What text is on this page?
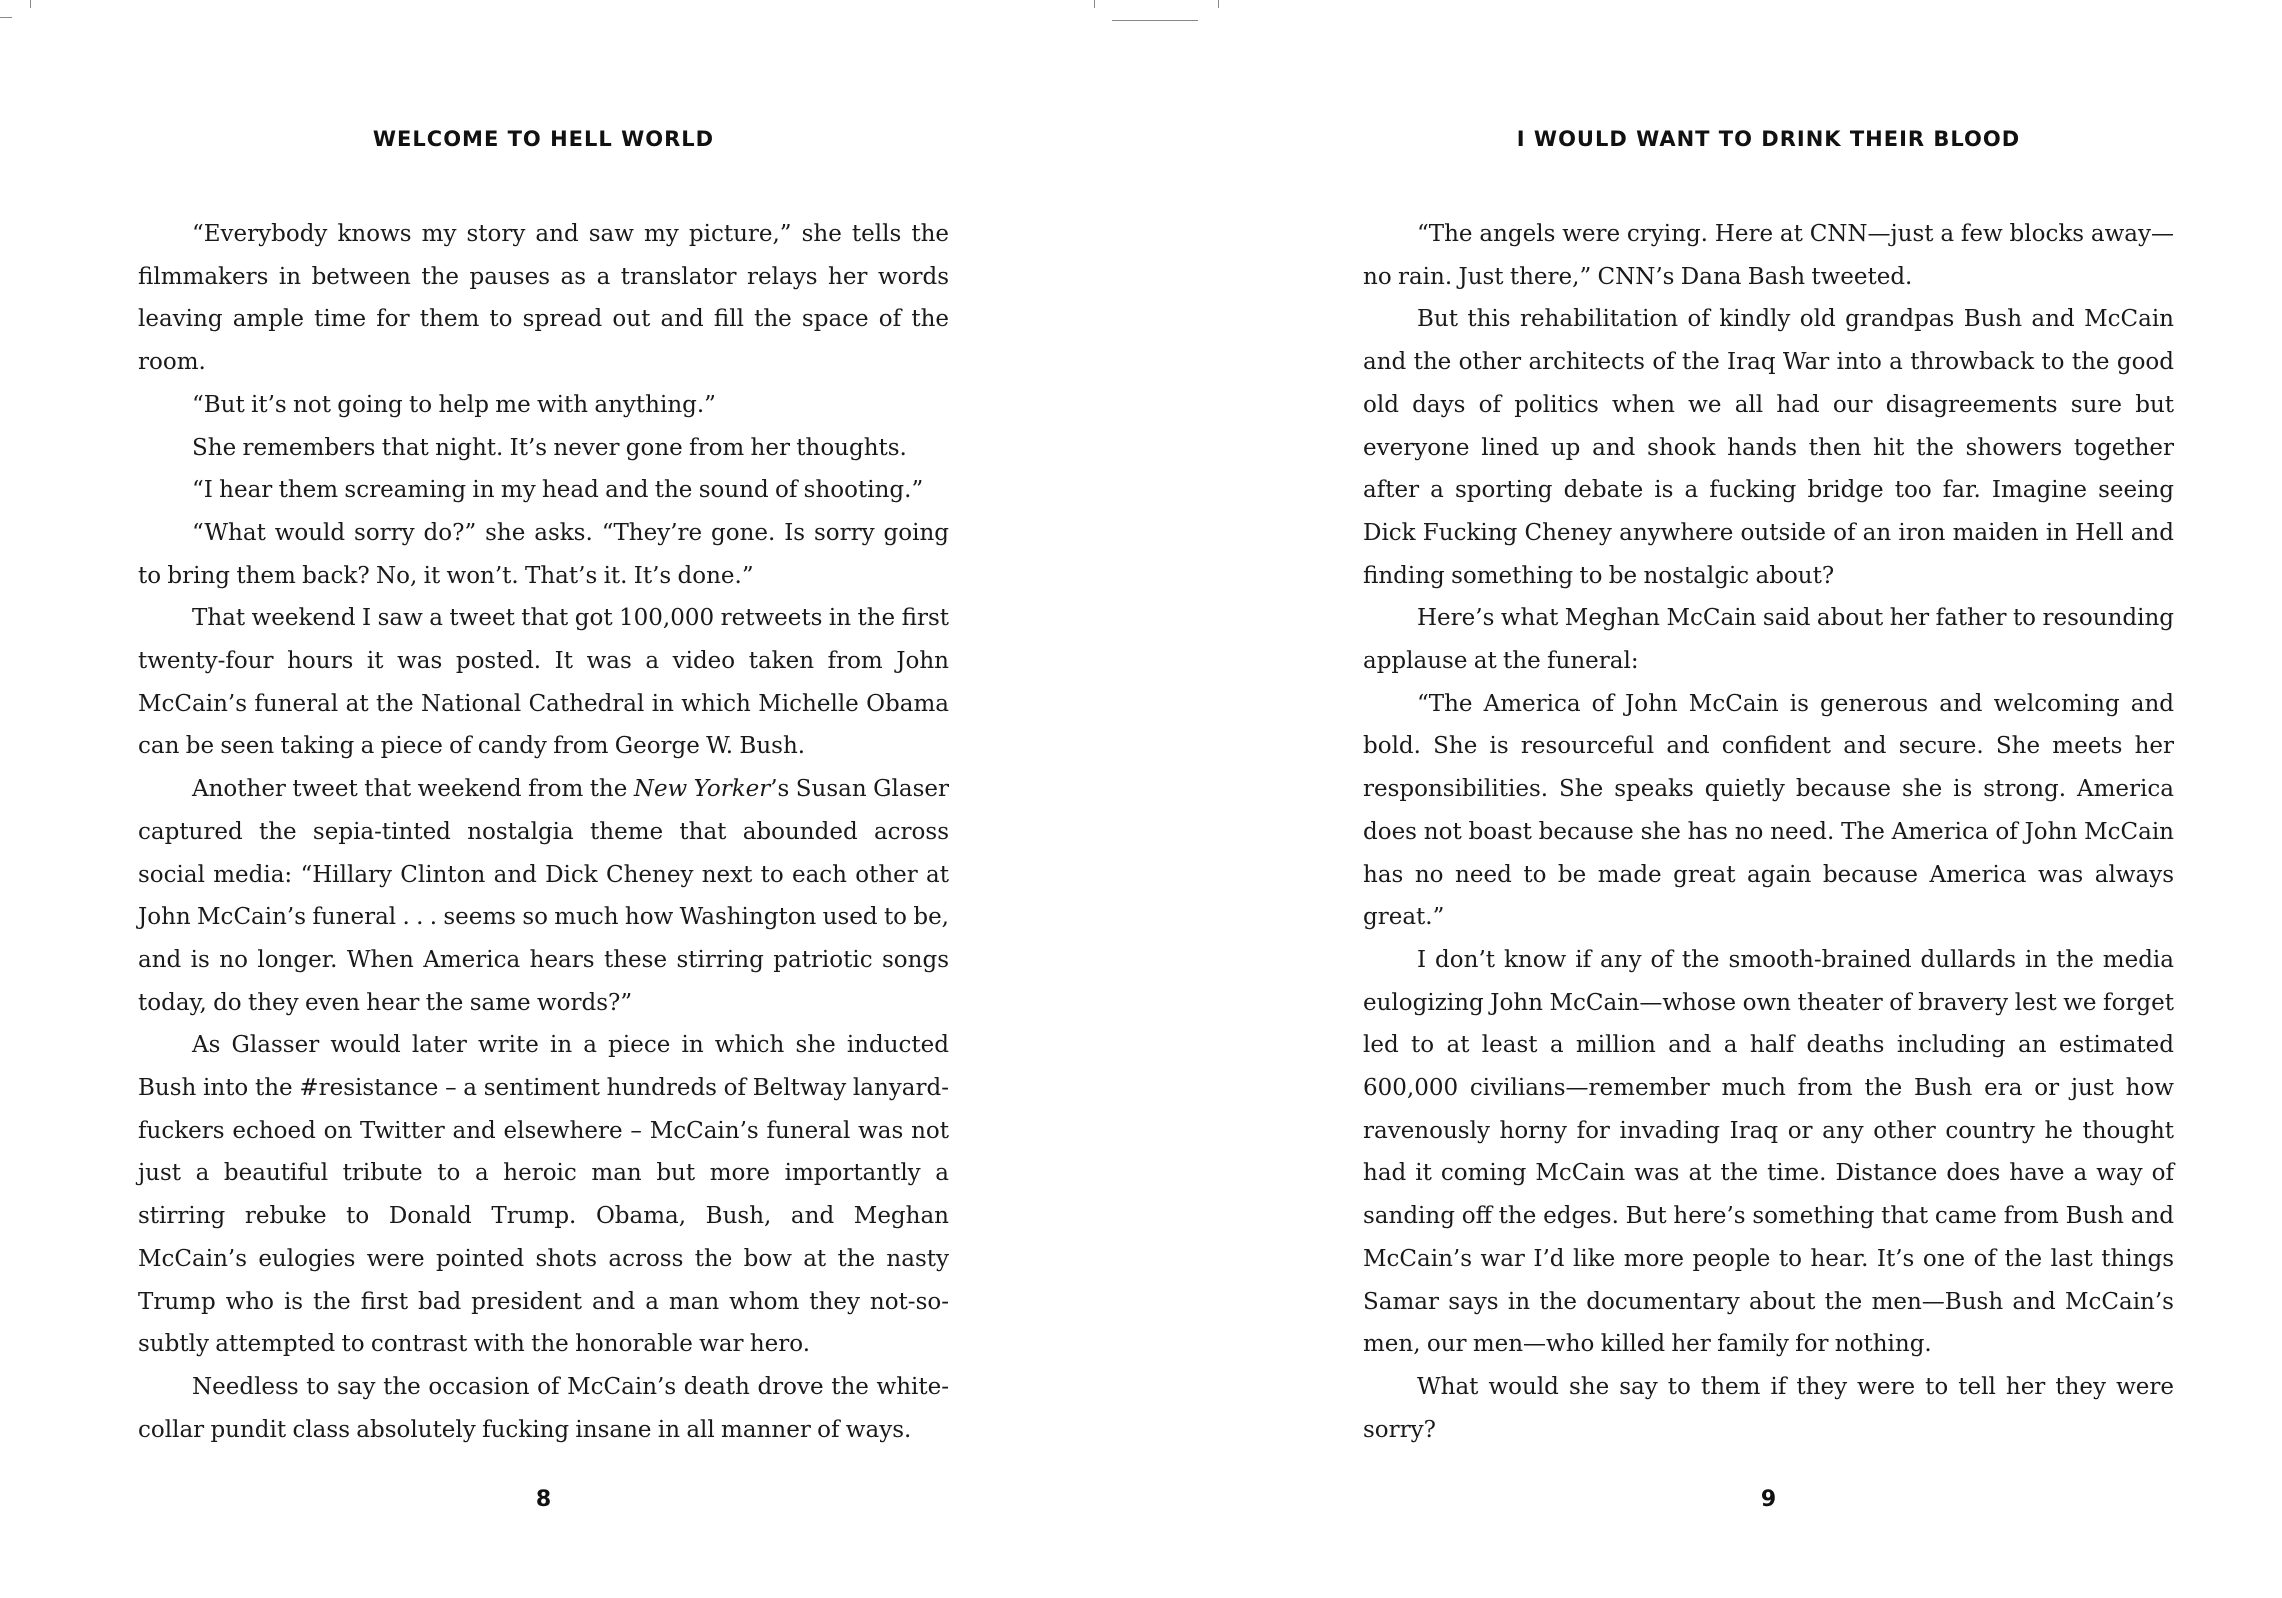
WELCOME TO HELL WORLD

“Everybody knows my story and saw my picture,” she tells the filmmakers in between the pauses as a translator relays her words leaving ample time for them to spread out and fill the space of the room.

“But it’s not going to help me with anything.”

She remembers that night. It’s never gone from her thoughts.

“I hear them screaming in my head and the sound of shooting.”

“What would sorry do?” she asks. “They’re gone. Is sorry going to bring them back? No, it won’t. That’s it. It’s done.”

That weekend I saw a tweet that got 100,000 retweets in the first twenty-four hours it was posted. It was a video taken from John McCain’s funeral at the National Cathedral in which Michelle Obama can be seen taking a piece of candy from George W. Bush.

Another tweet that weekend from the New Yorker’s Susan Glaser captured the sepia-tinted nostalgia theme that abounded across social media: “Hillary Clinton and Dick Cheney next to each other at John McCain’s funeral . . . seems so much how Washington used to be, and is no longer. When America hears these stirring patriotic songs today, do they even hear the same words?”

As Glasser would later write in a piece in which she inducted Bush into the #resistance – a sentiment hundreds of Beltway lanyardfuckers echoed on Twitter and elsewhere – McCain’s funeral was not just a beautiful tribute to a heroic man but more importantly a stirring rebuke to Donald Trump. Obama, Bush, and Meghan McCain’s eulogies were pointed shots across the bow at the nasty Trump who is the first bad president and a man whom they not-so-subtly attempted to contrast with the honorable war hero.

Needless to say the occasion of McCain’s death drove the white-collar pundit class absolutely fucking insane in all manner of ways.

8
I WOULD WANT TO DRINK THEIR BLOOD

“The angels were crying. Here at CNN—just a few blocks away—no rain. Just there,” CNN’s Dana Bash tweeted.

But this rehabilitation of kindly old grandpas Bush and McCain and the other architects of the Iraq War into a throwback to the good old days of politics when we all had our disagreements sure but everyone lined up and shook hands then hit the showers together after a sporting debate is a fucking bridge too far. Imagine seeing Dick Fucking Cheney anywhere outside of an iron maiden in Hell and finding something to be nostalgic about?

Here’s what Meghan McCain said about her father to resounding applause at the funeral:

“The America of John McCain is generous and welcoming and bold. She is resourceful and confident and secure. She meets her responsibilities. She speaks quietly because she is strong. America does not boast because she has no need. The America of John McCain has no need to be made great again because America was always great.”

I don’t know if any of the smooth-brained dullards in the media eulogizing John McCain—whose own theater of bravery lest we forget led to at least a million and a half deaths including an estimated 600,000 civilians—remember much from the Bush era or just how ravenously horny for invading Iraq or any other country he thought had it coming McCain was at the time. Distance does have a way of sanding off the edges. But here’s something that came from Bush and McCain’s war I’d like more people to hear. It’s one of the last things Samar says in the documentary about the men—Bush and McCain’s men, our men—who killed her family for nothing.

What would she say to them if they were to tell her they were sorry?

9
